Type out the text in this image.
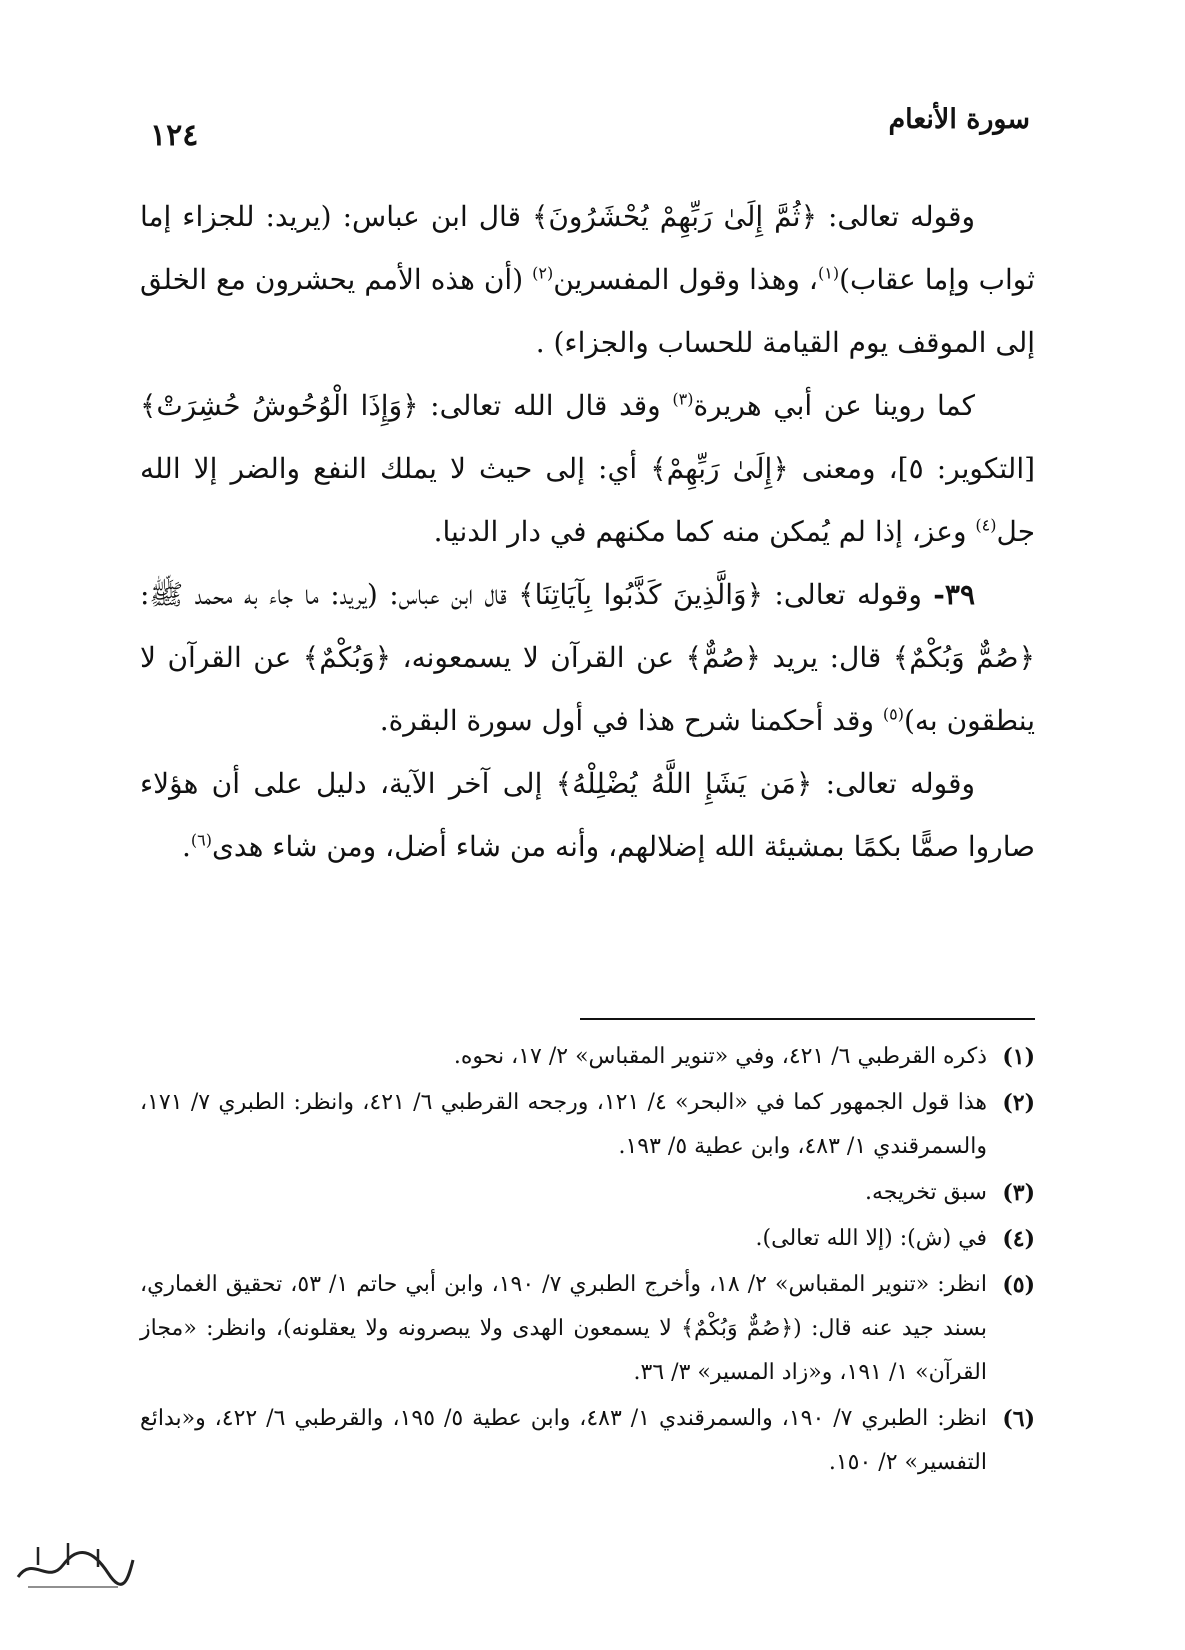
سورة الأنعام
١٢٤

وقوله تعالى: ﴿ثُمَّ إِلَىٰ رَبِّهِمْ يُحْشَرُونَ﴾ قال ابن عباس: (يريد: للجزاء إما ثواب وإما عقاب)$^{(١)}$، وهذا وقول المفسرين$^{(٢)}$ (أن هذه الأمم يحشرون مع الخلق إلى الموقف يوم القيامة للحساب والجزاء) .

كما روينا عن أبي هريرة$^{(٣)}$ وقد قال الله تعالى: ﴿وَإِذَا الْوُحُوشُ حُشِرَتْ﴾ [التكوير: ٥]، ومعنى ﴿إِلَىٰ رَبِّهِمْ﴾ أي: إلى حيث لا يملك النفع والضر إلا الله جل$^{(٤)}$ وعز، إذا لم يُمكن منه كما مكنهم في دار الدنيا.

٣٩- وقوله تعالى: ﴿وَالَّذِينَ كَذَّبُوا بِآيَاتِنَا﴾ قال ابن عباس: (يريد: ما جاء به محمد ﷺ: ﴿صُمٌّ وَبُكْمٌ﴾ قال: يريد ﴿صُمٌّ﴾ عن القرآن لا يسمعونه، ﴿وَبُكْمٌ﴾ عن القرآن لا ينطقون به)$^{(٥)}$ وقد أحكمنا شرح هذا في أول سورة البقرة.

وقوله تعالى: ﴿مَن يَشَإِ اللَّهُ يُضْلِلْهُ﴾ إلى آخر الآية، دليل على أن هؤلاء صاروا صمًّا بكمًا بمشيئة الله إضلالهم، وأنه من شاء أضل، ومن شاء هدى$^{(٦)}$.

(١)
ذكره القرطبي ٦/ ٤٢١، وفي «تنوير المقباس» ٢/ ١٧، نحوه.
(٢)
هذا قول الجمهور كما في «البحر» ٤/ ١٢١، ورجحه القرطبي ٦/ ٤٢١، وانظر: الطبري ٧/ ١٧١، والسمرقندي ١/ ٤٨٣، وابن عطية ٥/ ١٩٣.
(٣)
سبق تخريجه.
(٤)
في (ش): (إلا الله تعالى).
(٥)
انظر: «تنوير المقباس» ٢/ ١٨، وأخرج الطبري ٧/ ١٩٠، وابن أبي حاتم ١/ ٥٣، تحقيق الغماري، بسند جيد عنه قال: (﴿صُمٌّ وَبُكْمٌ﴾ لا يسمعون الهدى ولا يبصرونه ولا يعقلونه)، وانظر: «مجاز القرآن» ١/ ١٩١، و«زاد المسير» ٣/ ٣٦.
(٦)
انظر: الطبري ٧/ ١٩٠، والسمرقندي ١/ ٤٨٣، وابن عطية ٥/ ١٩٥، والقرطبي ٦/ ٤٢٢، و«بدائع التفسير» ٢/ ١٥٠.
